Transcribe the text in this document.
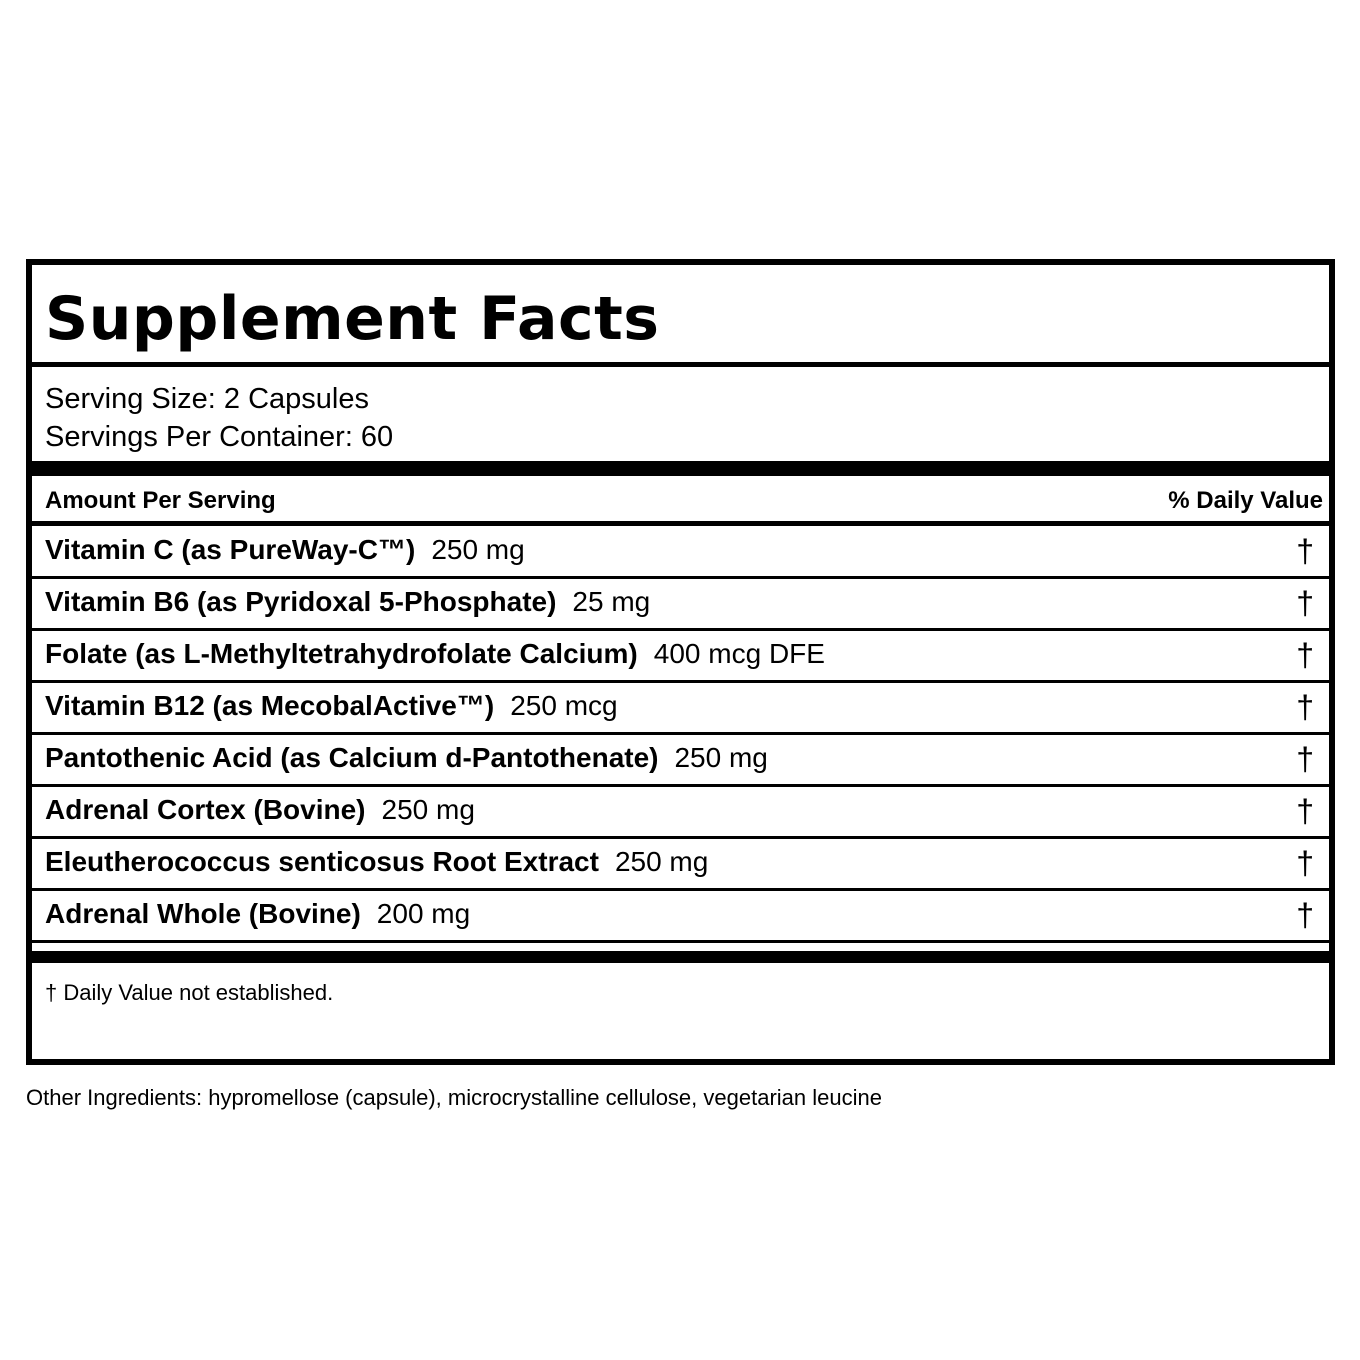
Supplement Facts
Serving Size: 2 Capsules
Servings Per Container: 60
Amount Per Serving	% Daily Value
Vitamin C (as PureWay-C™) 250 mg	†
Vitamin B6 (as Pyridoxal 5-Phosphate) 25 mg	†
Folate (as L-Methyltetrahydrofolate Calcium) 400 mcg DFE	†
Vitamin B12 (as MecobalActive™) 250 mcg	†
Pantothenic Acid (as Calcium d-Pantothenate) 250 mg	†
Adrenal Cortex (Bovine) 250 mg	†
Eleutherococcus senticosus Root Extract 250 mg	†
Adrenal Whole (Bovine) 200 mg	†
† Daily Value not established.
Other Ingredients: hypromellose (capsule), microcrystalline cellulose, vegetarian leucine
